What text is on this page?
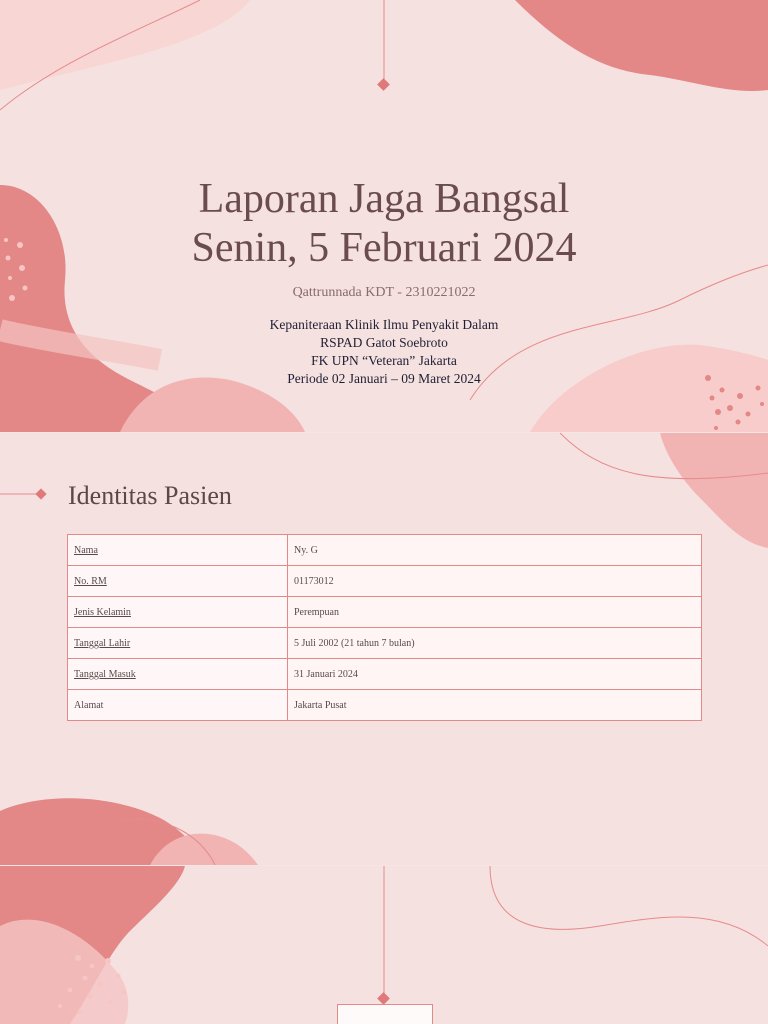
Laporan Jaga Bangsal
Senin, 5 Februari 2024
Qattrunnada KDT - 2310221022
Kepaniteraan Klinik Ilmu Penyakit Dalam
RSPAD Gatot Soebroto
FK UPN “Veteran” Jakarta
Periode 02 Januari – 09 Maret 2024
Identitas Pasien
Nama	Ny. G
No. RM	01173012
Jenis Kelamin	Perempuan
Tanggal Lahir	5 Juli 2002 (21 tahun 7 bulan)
Tanggal Masuk	31 Januari 2024
Alamat	Jakarta Pusat
